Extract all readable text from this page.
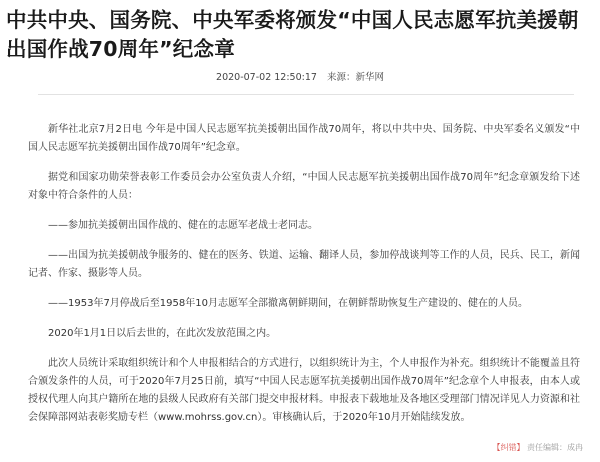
中共中央、国务院、中央军委将颁发“中国人民志愿军抗美援朝出国作战70周年”纪念章
2020-07-02 12:50:17 来源：新华网

新华社北京7月2日电 今年是中国人民志愿军抗美援朝出国作战70周年，将以中共中央、国务院、中央军委名义颁发“中国人民志愿军抗美援朝出国作战70周年”纪念章。

据党和国家功勋荣誉表彰工作委员会办公室负责人介绍，“中国人民志愿军抗美援朝出国作战70周年”纪念章颁发给下述对象中符合条件的人员：

——参加抗美援朝出国作战的、健在的志愿军老战士老同志。

——出国为抗美援朝战争服务的、健在的医务、铁道、运输、翻译人员，参加停战谈判等工作的人员，民兵、民工，新闻记者、作家、摄影等人员。

——1953年7月停战后至1958年10月志愿军全部撤离朝鲜期间，在朝鲜帮助恢复生产建设的、健在的人员。

2020年1月1日以后去世的，在此次发放范围之内。

此次人员统计采取组织统计和个人申报相结合的方式进行，以组织统计为主，个人申报作为补充。组织统计不能覆盖且符合颁发条件的人员，可于2020年7月25日前，填写“中国人民志愿军抗美援朝出国作战70周年”纪念章个人申报表，由本人或授权代理人向其户籍所在地的县级人民政府有关部门提交申报材料。申报表下载地址及各地区受理部门情况详见人力资源和社会保障部网站表彰奖励专栏（www.mohrss.gov.cn）。审核确认后，于2020年10月开始陆续发放。

【纠错】 责任编辑：成冉
